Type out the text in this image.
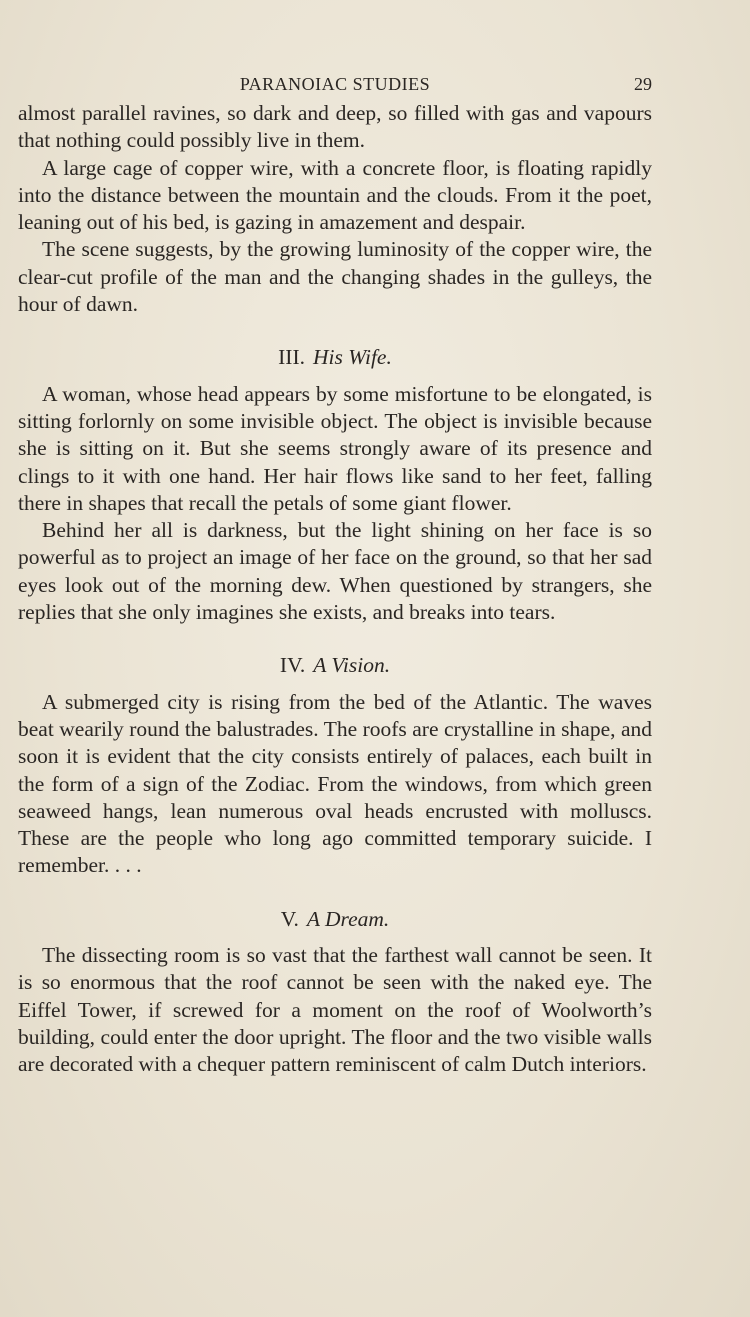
PARANOIAC STUDIES	29

almost parallel ravines, so dark and deep, so filled with gas and vapours that nothing could possibly live in them.

A large cage of copper wire, with a concrete floor, is floating rapidly into the distance between the mountain and the clouds. From it the poet, leaning out of his bed, is gazing in amazement and despair.

The scene suggests, by the growing luminosity of the copper wire, the clear-cut profile of the man and the changing shades in the gulleys, the hour of dawn.

III. His Wife.

A woman, whose head appears by some misfortune to be elongated, is sitting forlornly on some invisible object. The object is invisible because she is sitting on it. But she seems strongly aware of its presence and clings to it with one hand. Her hair flows like sand to her feet, falling there in shapes that recall the petals of some giant flower.

Behind her all is darkness, but the light shining on her face is so powerful as to project an image of her face on the ground, so that her sad eyes look out of the morning dew. When questioned by strangers, she replies that she only imagines she exists, and breaks into tears.

IV. A Vision.

A submerged city is rising from the bed of the Atlantic. The waves beat wearily round the balustrades. The roofs are crystalline in shape, and soon it is evident that the city consists entirely of palaces, each built in the form of a sign of the Zodiac. From the windows, from which green seaweed hangs, lean numerous oval heads encrusted with molluscs. These are the people who long ago committed temporary suicide. I remember. . . .

V. A Dream.

The dissecting room is so vast that the farthest wall cannot be seen. It is so enormous that the roof cannot be seen with the naked eye. The Eiffel Tower, if screwed for a moment on the roof of Woolworth’s building, could enter the door upright. The floor and the two visible walls are decorated with a chequer pattern reminiscent of calm Dutch interiors.
